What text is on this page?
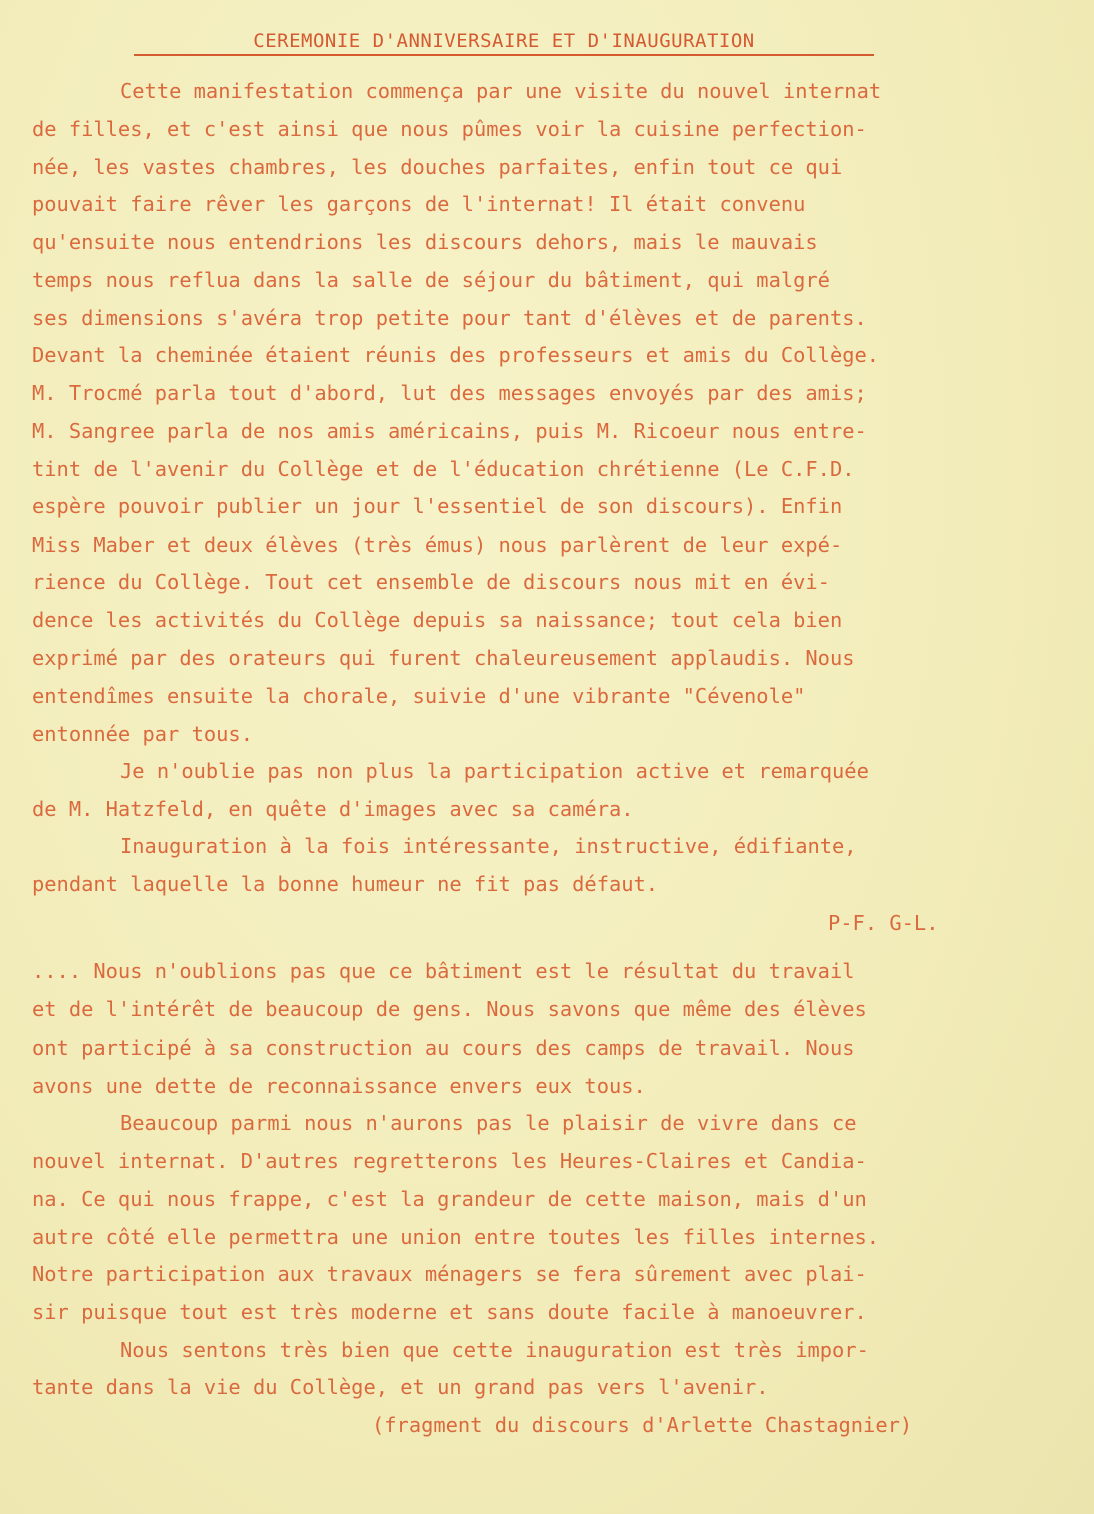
CEREMONIE D'ANNIVERSAIRE ET D'INAUGURATION
Cette manifestation commença par une visite du nouvel internat
de filles, et c'est ainsi que nous pûmes voir la cuisine perfection-
née, les vastes chambres, les douches parfaites, enfin tout ce qui
pouvait faire rêver les garçons de l'internat! Il était convenu
qu'ensuite nous entendrions les discours dehors, mais le mauvais
temps nous reflua dans la salle de séjour du bâtiment, qui malgré
ses dimensions s'avéra trop petite pour tant d'élèves et de parents.
Devant la cheminée étaient réunis des professeurs et amis du Collège.
M. Trocmé parla tout d'abord, lut des messages envoyés par des amis;
M. Sangree parla de nos amis américains, puis M. Ricoeur nous entre-
tint de l'avenir du Collège et de l'éducation chrétienne (Le C.F.D.
espère pouvoir publier un jour l'essentiel de son discours). Enfin
Miss Maber et deux élèves (très émus) nous parlèrent de leur expé-
rience du Collège. Tout cet ensemble de discours nous mit en évi-
dence les activités du Collège depuis sa naissance; tout cela bien
exprimé par des orateurs qui furent chaleureusement applaudis. Nous
entendîmes ensuite la chorale, suivie d'une vibrante "Cévenole"
entonnée par tous.
Je n'oublie pas non plus la participation active et remarquée
de M. Hatzfeld, en quête d'images avec sa caméra.
Inauguration à la fois intéressante, instructive, édifiante,
pendant laquelle la bonne humeur ne fit pas défaut.
P-F. G-L.
.... Nous n'oublions pas que ce bâtiment est le résultat du travail
et de l'intérêt de beaucoup de gens. Nous savons que même des élèves
ont participé à sa construction au cours des camps de travail. Nous
avons une dette de reconnaissance envers eux tous.
Beaucoup parmi nous n'aurons pas le plaisir de vivre dans ce
nouvel internat. D'autres regretterons les Heures-Claires et Candia-
na. Ce qui nous frappe, c'est la grandeur de cette maison, mais d'un
autre côté elle permettra une union entre toutes les filles internes.
Notre participation aux travaux ménagers se fera sûrement avec plai-
sir puisque tout est très moderne et sans doute facile à manoeuvrer.
Nous sentons très bien que cette inauguration est très impor-
tante dans la vie du Collège, et un grand pas vers l'avenir.
(fragment du discours d'Arlette Chastagnier)
